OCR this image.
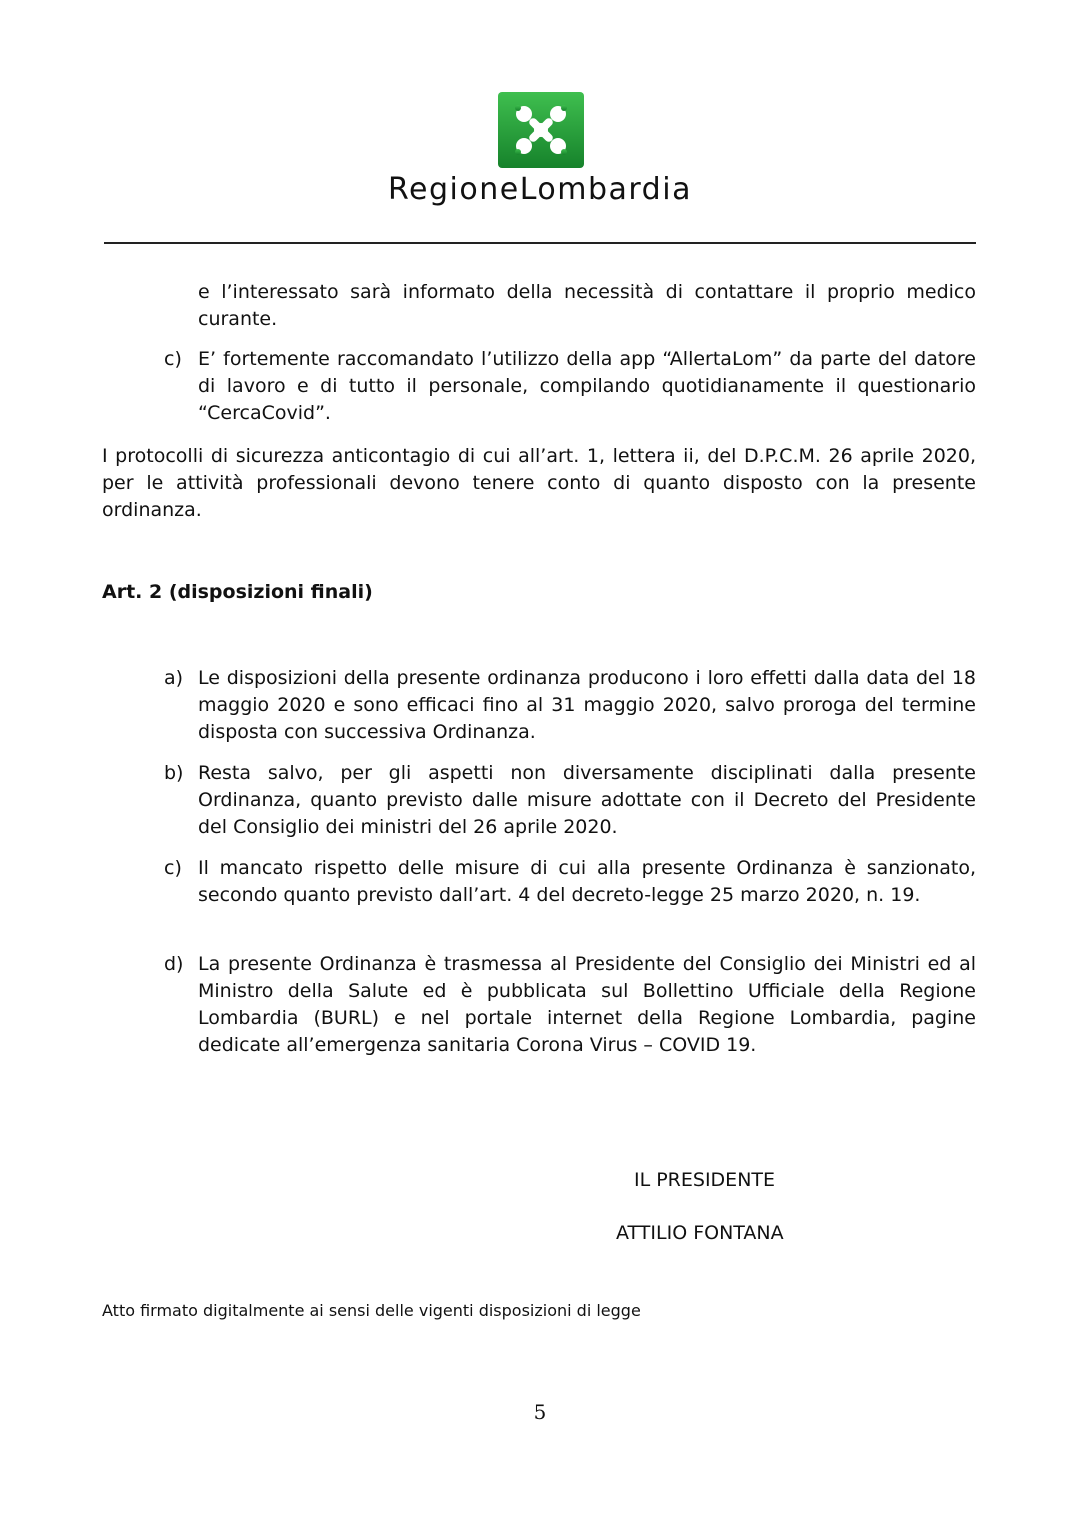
RegioneLombardia
e l’interessato sarà informato della necessità di contattare il proprio medico curante.
c) E’ fortemente raccomandato l’utilizzo della app “AllertaLom” da parte del datore di lavoro e di tutto il personale, compilando quotidianamente il questionario “CercaCovid”.
I protocolli di sicurezza anticontagio di cui all’art. 1, lettera ii, del D.P.C.M. 26 aprile 2020, per le attività professionali devono tenere conto di quanto disposto con la presente ordinanza.
Art. 2 (disposizioni finali)
a) Le disposizioni della presente ordinanza producono i loro effetti dalla data del 18 maggio 2020 e sono efficaci fino al 31 maggio 2020, salvo proroga del termine disposta con successiva Ordinanza.
b) Resta salvo, per gli aspetti non diversamente disciplinati dalla presente Ordinanza, quanto previsto dalle misure adottate con il Decreto del Presidente del Consiglio dei ministri del 26 aprile 2020.
c) Il mancato rispetto delle misure di cui alla presente Ordinanza è sanzionato, secondo quanto previsto dall’art. 4 del decreto-legge 25 marzo 2020, n. 19.
d) La presente Ordinanza è trasmessa al Presidente del Consiglio dei Ministri ed al Ministro della Salute ed è pubblicata sul Bollettino Ufficiale della Regione Lombardia (BURL) e nel portale internet della Regione Lombardia, pagine dedicate all’emergenza sanitaria Corona Virus – COVID 19.
IL PRESIDENTE
ATTILIO FONTANA
Atto firmato digitalmente ai sensi delle vigenti disposizioni di legge
5
